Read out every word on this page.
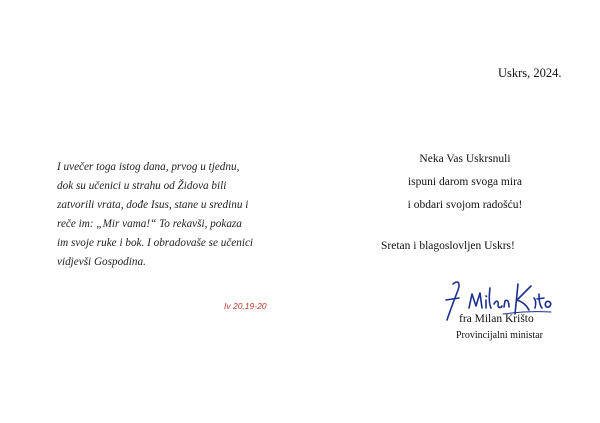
Uskrs, 2024.
I uvečer toga istog dana, prvog u tjednu,
dok su učenici u strahu od Židova bili
zatvorili vrata, dođe Isus, stane u sredinu i
reče im: „Mir vama!“ To rekavši, pokaza
im svoje ruke i bok. I obradovaše se učenici
vidjevši Gospodina.
Iv 20,19-20
Neka Vas Uskrsnuli
ispuni darom svoga mira
i obdari svojom radošću!
Sretan i blagoslovljen Uskrs!
fra Milan Krišto
Provincijalni ministar
